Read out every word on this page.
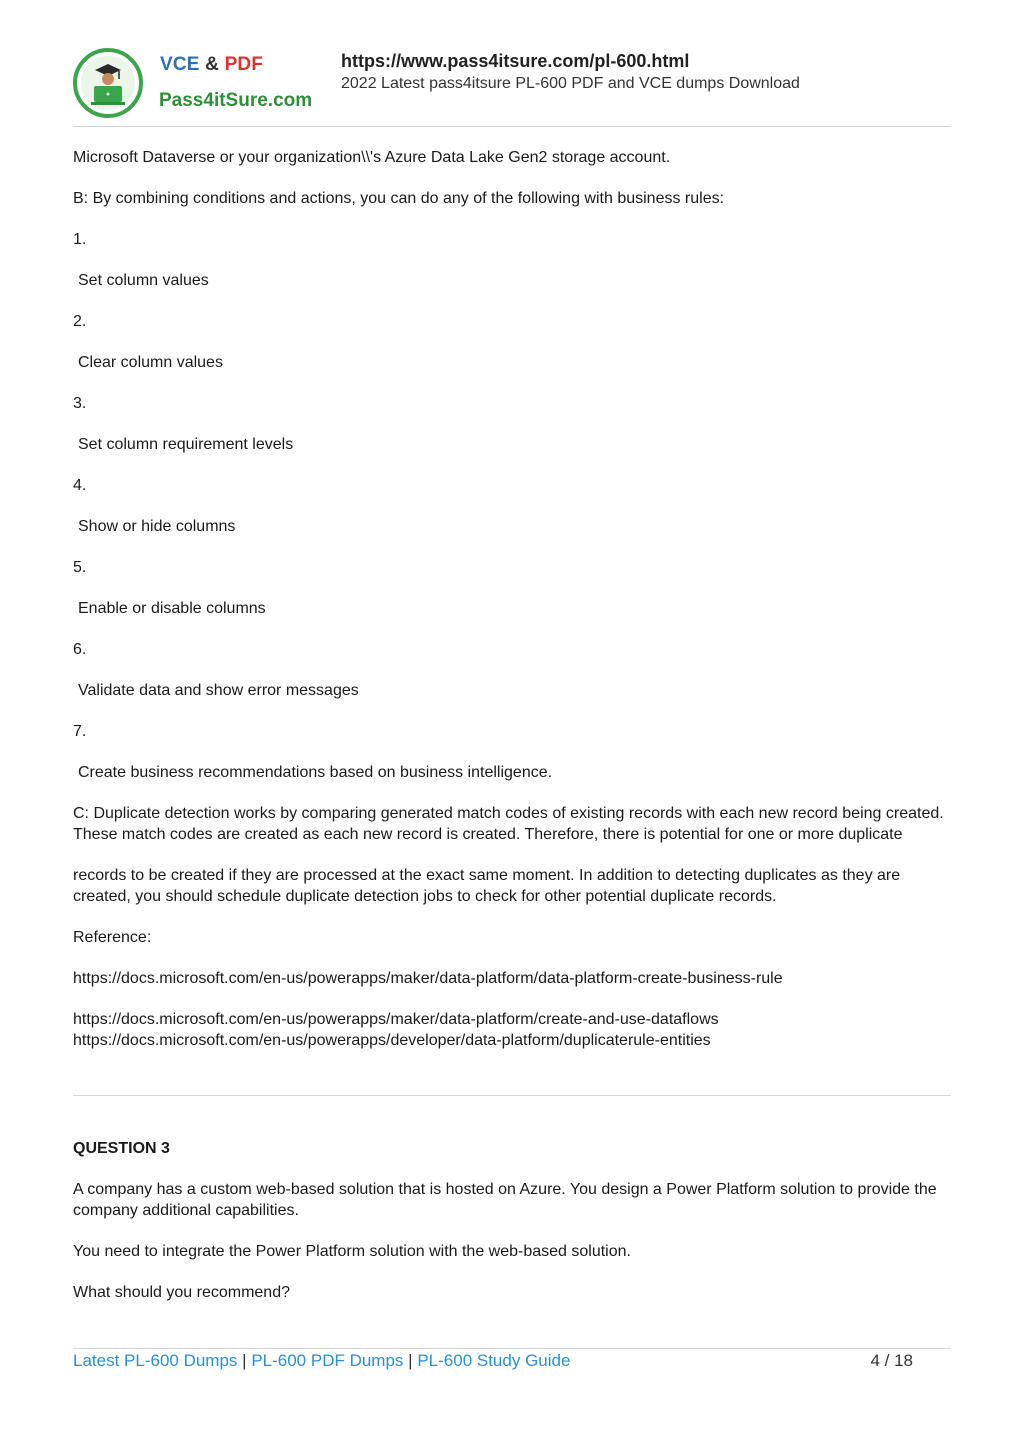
VCE & PDF
Pass4itSure.com
https://www.pass4itsure.com/pl-600.html
2022 Latest pass4itsure PL-600 PDF and VCE dumps Download

Microsoft Dataverse or your organization\\'s Azure Data Lake Gen2 storage account.

B: By combining conditions and actions, you can do any of the following with business rules:

1.

Set column values

2.

Clear column values

3.

Set column requirement levels

4.

Show or hide columns

5.

Enable or disable columns

6.

Validate data and show error messages

7.

Create business recommendations based on business intelligence.

C: Duplicate detection works by comparing generated match codes of existing records with each new record being created. These match codes are created as each new record is created. Therefore, there is potential for one or more duplicate

records to be created if they are processed at the exact same moment. In addition to detecting duplicates as they are created, you should schedule duplicate detection jobs to check for other potential duplicate records.

Reference:

https://docs.microsoft.com/en-us/powerapps/maker/data-platform/data-platform-create-business-rule

https://docs.microsoft.com/en-us/powerapps/maker/data-platform/create-and-use-dataflows

https://docs.microsoft.com/en-us/powerapps/developer/data-platform/duplicaterule-entities

QUESTION 3

A company has a custom web-based solution that is hosted on Azure. You design a Power Platform solution to provide the company additional capabilities.

You need to integrate the Power Platform solution with the web-based solution.

What should you recommend?

Latest PL-600 Dumps | PL-600 PDF Dumps | PL-600 Study Guide	4 / 18
